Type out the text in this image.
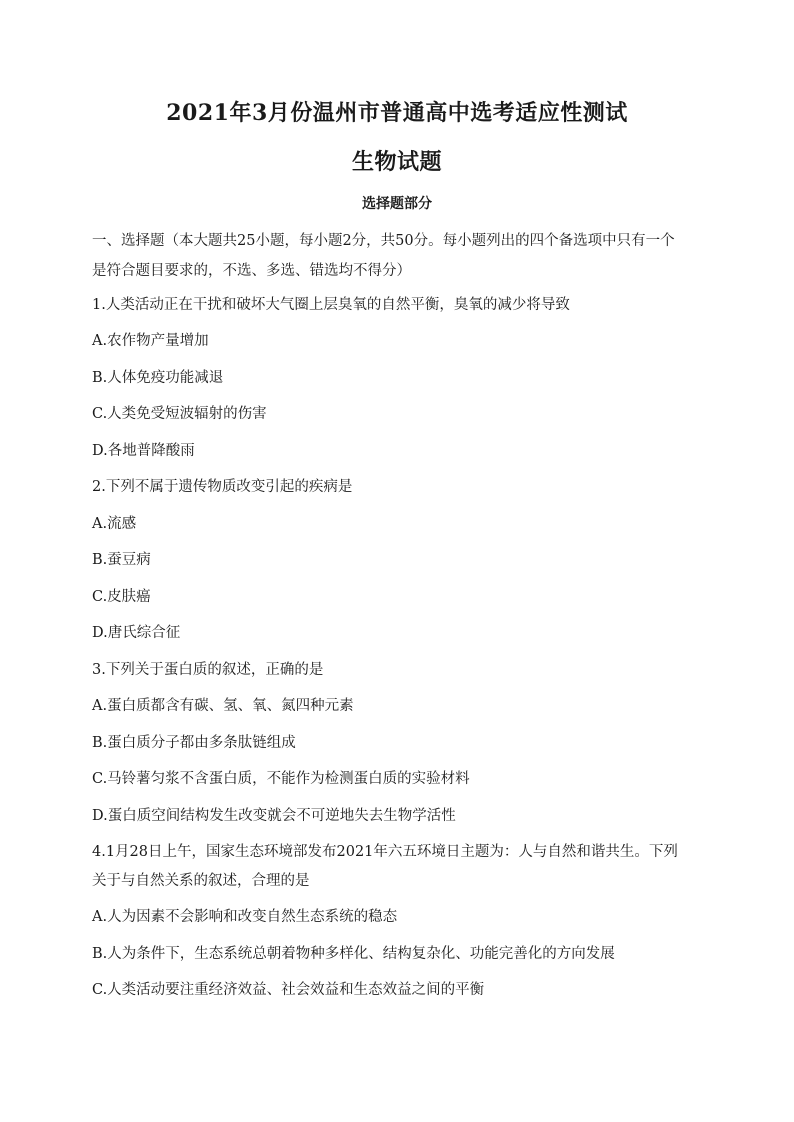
2021年3月份温州市普通高中选考适应性测试
生物试题
选择题部分
一、选择题（本大题共25小题，每小题2分，共50分。每小题列出的四个备选项中只有一个
是符合题目要求的，不选、多选、错选均不得分）
1.人类活动正在干扰和破坏大气圈上层臭氧的自然平衡，臭氧的减少将导致
A.农作物产量增加
B.人体免疫功能减退
C.人类免受短波辐射的伤害
D.各地普降酸雨
2.下列不属于遗传物质改变引起的疾病是
A.流感
B.蚕豆病
C.皮肤癌
D.唐氏综合征
3.下列关于蛋白质的叙述，正确的是
A.蛋白质都含有碳、氢、氧、氮四种元素
B.蛋白质分子都由多条肽链组成
C.马铃薯匀浆不含蛋白质，不能作为检测蛋白质的实验材料
D.蛋白质空间结构发生改变就会不可逆地失去生物学活性
4.1月28日上午，国家生态环境部发布2021年六五环境日主题为：人与自然和谐共生。下列
关于与自然关系的叙述，合理的是
A.人为因素不会影响和改变自然生态系统的稳态
B.人为条件下，生态系统总朝着物种多样化、结构复杂化、功能完善化的方向发展
C.人类活动要注重经济效益、社会效益和生态效益之间的平衡
